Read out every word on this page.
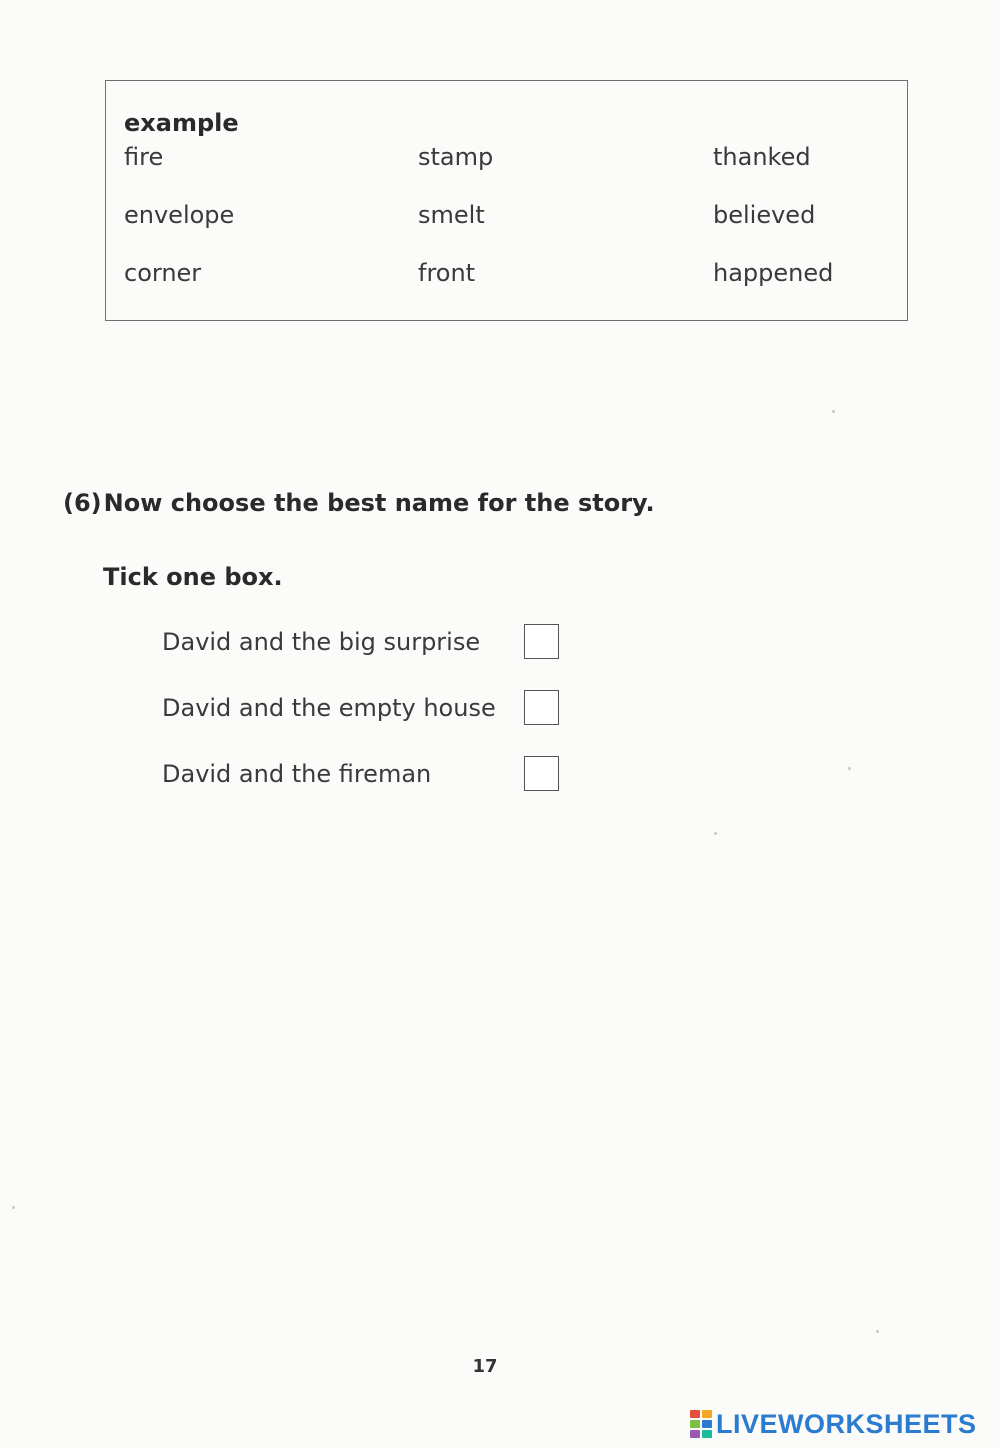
example
fire	stamp	thanked
envelope	smelt	believed
corner	front	happened
(6)Now choose the best name for the story.
Tick one box.
David and the big surprise
David and the empty house
David and the fireman
17
LIVEWORKSHEETS
